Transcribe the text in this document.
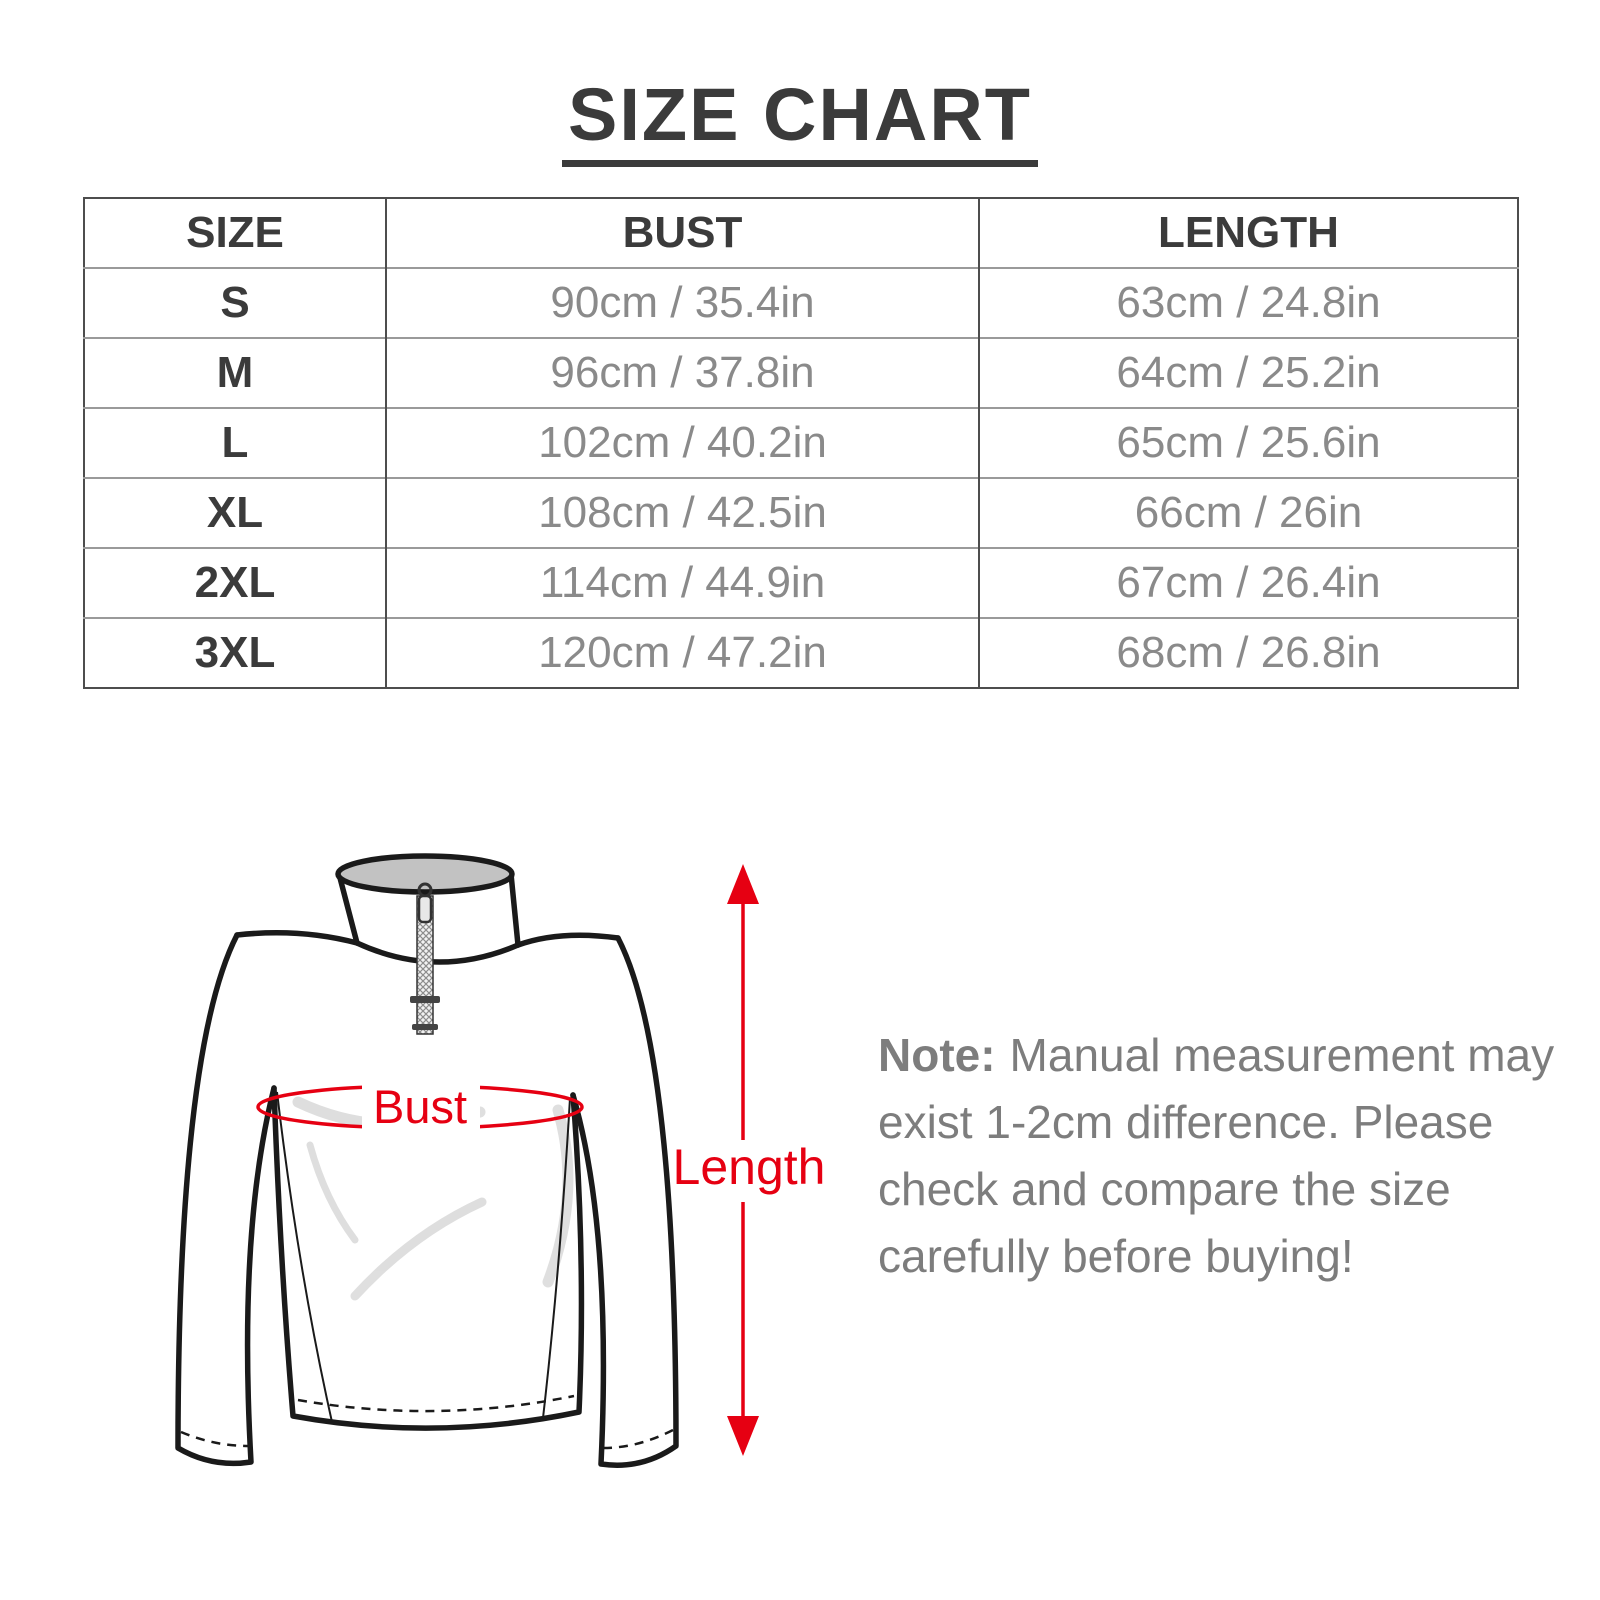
SIZE CHART
SIZE	BUST	LENGTH
S	90cm / 35.4in	63cm / 24.8in
M	96cm / 37.8in	64cm / 25.2in
L	102cm / 40.2in	65cm / 25.6in
XL	108cm / 42.5in	66cm / 26in
2XL	114cm / 44.9in	67cm / 26.4in
3XL	120cm / 47.2in	68cm / 26.8in
Bust
Length
Note: Manual measurement may
exist 1-2cm difference. Please
check and compare the size
carefully before buying!
